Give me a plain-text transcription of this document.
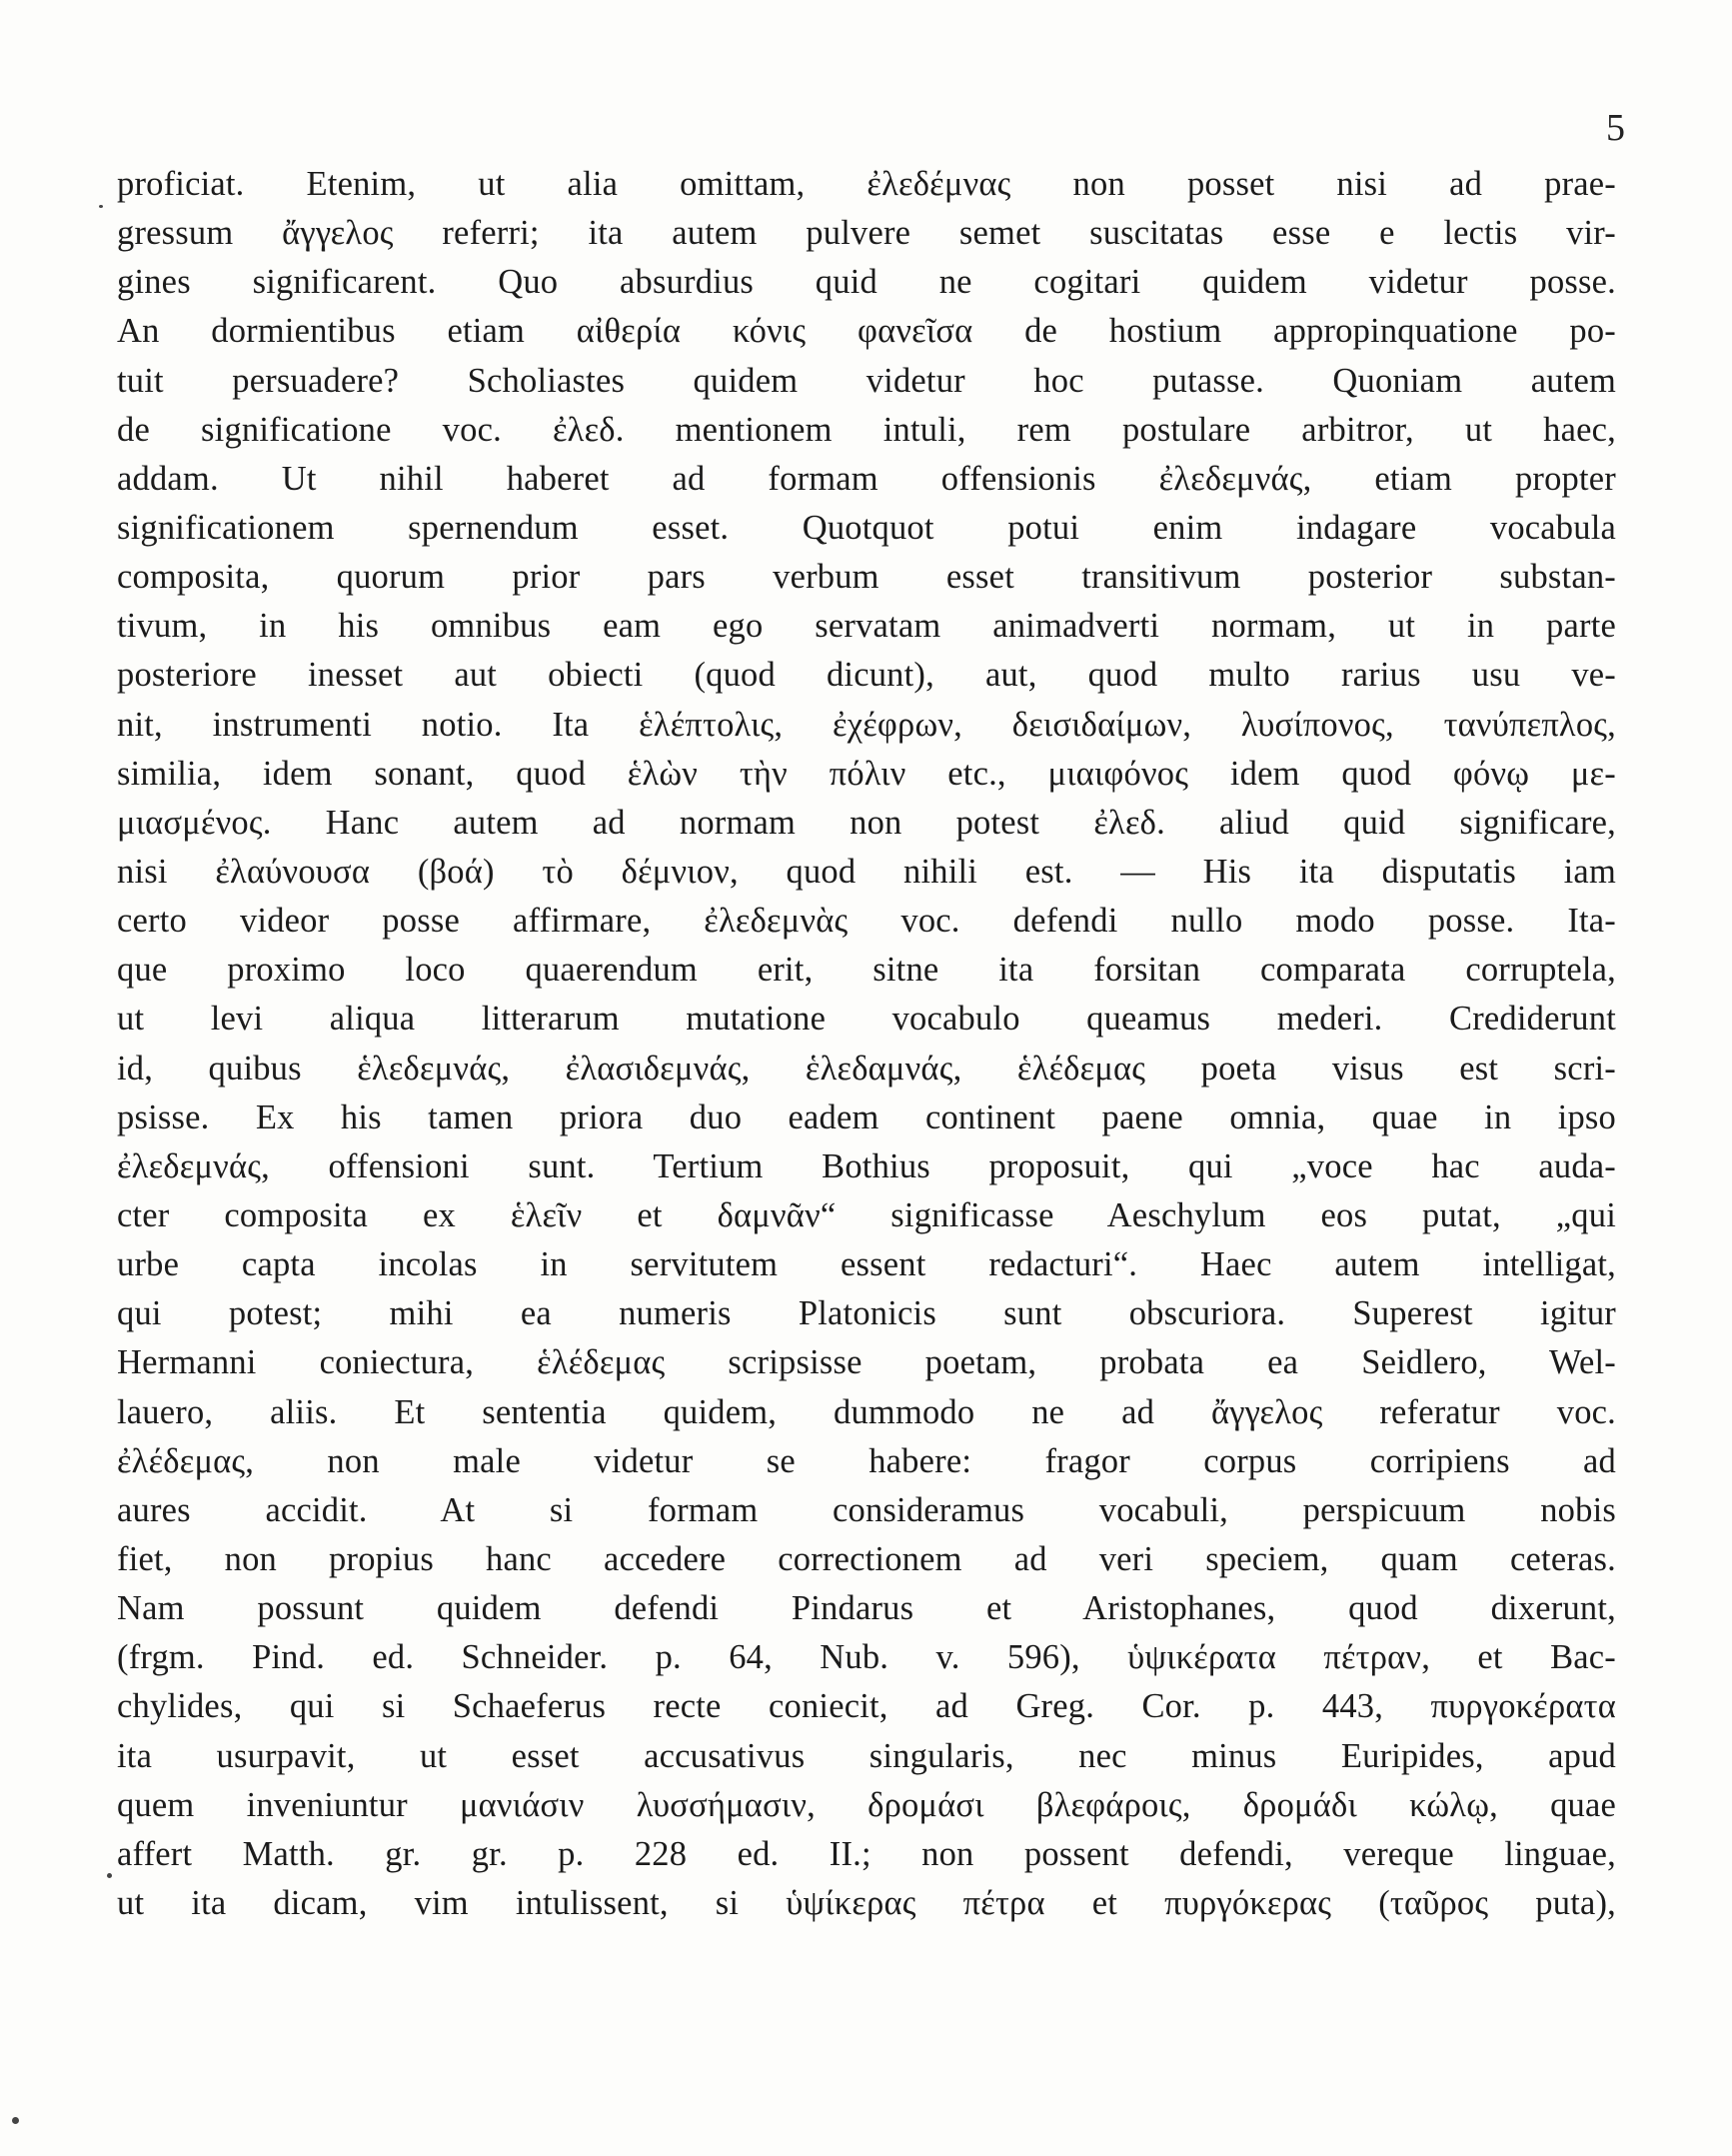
5
proficiat. Etenim, ut alia omittam, ἐλεδέμνας non posset nisi ad prae-
gressum ἄγγελος referri; ita autem pulvere semet suscitatas esse e lectis vir-
gines significarent. Quo absurdius quid ne cogitari quidem videtur posse.
An dormientibus etiam αἰθερία κόνις φανεῖσα de hostium appropinquatione po-
tuit persuadere? Scholiastes quidem videtur hoc putasse. Quoniam autem
de significatione voc. ἐλεδ. mentionem intuli, rem postulare arbitror, ut haec,
addam. Ut nihil haberet ad formam offensionis ἐλεδεμνάς, etiam propter
significationem spernendum esset. Quotquot potui enim indagare vocabula
composita, quorum prior pars verbum esset transitivum posterior substan-
tivum, in his omnibus eam ego servatam animadverti normam, ut in parte
posteriore inesset aut obiecti (quod dicunt), aut, quod multo rarius usu ve-
nit, instrumenti notio. Ita ἑλέπτολις, ἐχέφρων, δεισιδαίμων, λυσίπονος, τανύπεπλος,
similia, idem sonant, quod ἑλὼν τὴν πόλιν etc., μιαιφόνος idem quod φόνῳ με-
μιασμένος. Hanc autem ad normam non potest ἐλεδ. aliud quid significare,
nisi ἐλαύνουσα (βοά) τὸ δέμνιον, quod nihili est. — His ita disputatis iam
certo videor posse affirmare, ἐλεδεμνὰς voc. defendi nullo modo posse. Ita-
que proximo loco quaerendum erit, sitne ita forsitan comparata corruptela,
ut levi aliqua litterarum mutatione vocabulo queamus mederi. Crediderunt
id, quibus ἑλεδεμνάς, ἐλασιδεμνάς, ἑλεδαμνάς, ἑλέδεμας poeta visus est scri-
psisse. Ex his tamen priora duo eadem continent paene omnia, quae in ipso
ἐλεδεμνάς, offensioni sunt. Tertium Bothius proposuit, qui „voce hac auda-
cter composita ex ἑλεῖν et δαμνᾶν“ significasse Aeschylum eos putat, „qui
urbe capta incolas in servitutem essent redacturi“. Haec autem intelligat,
qui potest; mihi ea numeris Platonicis sunt obscuriora. Superest igitur
Hermanni coniectura, ἑλέδεμας scripsisse poetam, probata ea Seidlero, Wel-
lauero, aliis. Et sententia quidem, dummodo ne ad ἄγγελος referatur voc.
ἐλέδεμας, non male videtur se habere: fragor corpus corripiens ad
aures accidit. At si formam consideramus vocabuli, perspicuum nobis
fiet, non propius hanc accedere correctionem ad veri speciem, quam ceteras.
Nam possunt quidem defendi Pindarus et Aristophanes, quod dixerunt,
(frgm. Pind. ed. Schneider. p. 64, Nub. v. 596), ὑψικέρατα πέτραν, et Bac-
chylides, qui si Schaeferus recte coniecit, ad Greg. Cor. p. 443, πυργοκέρατα
ita usurpavit, ut esset accusativus singularis, nec minus Euripides, apud
quem inveniuntur μανιάσιν λυσσήμασιν, δρομάσι βλεφάροις, δρομάδι κώλῳ, quae
affert Matth. gr. gr. p. 228 ed. II.; non possent defendi, vereque linguae,
ut ita dicam, vim intulissent, si ὑψίκερας πέτρα et πυργόκερας (ταῦρος puta),
